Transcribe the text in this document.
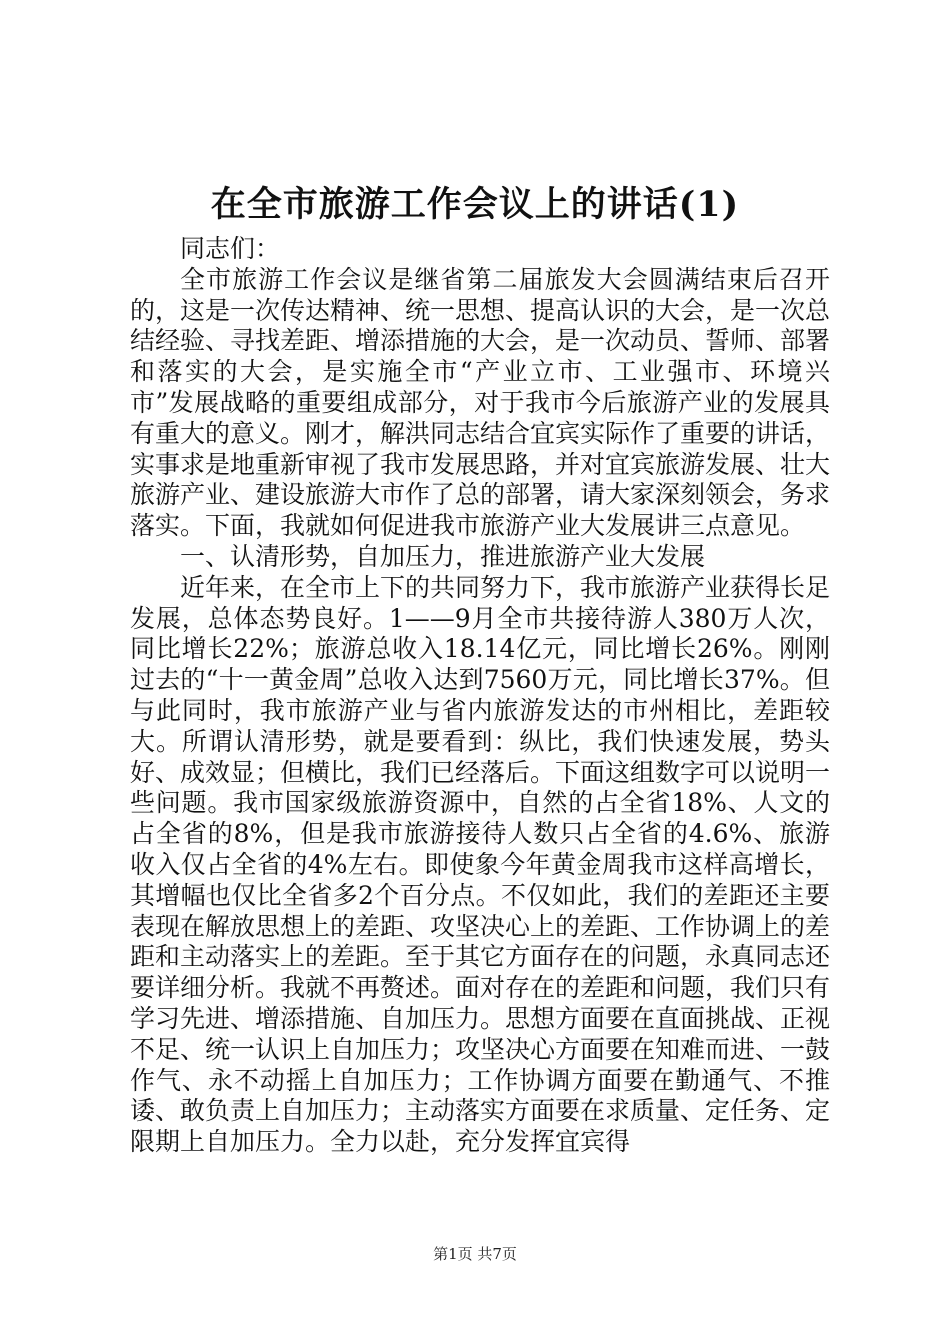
在全市旅游工作会议上的讲话(1)

同志们：

全市旅游工作会议是继省第二届旅发大会圆满结束后召开的，这是一次传达精神、统一思想、提高认识的大会，是一次总结经验、寻找差距、增添措施的大会，是一次动员、誓师、部署和落实的大会，是实施全市“产业立市、工业强市、环境兴市”发展战略的重要组成部分，对于我市今后旅游产业的发展具有重大的意义。刚才，解洪同志结合宜宾实际作了重要的讲话，实事求是地重新审视了我市发展思路，并对宜宾旅游发展、壮大旅游产业、建设旅游大市作了总的部署，请大家深刻领会，务求落实。下面，我就如何促进我市旅游产业大发展讲三点意见。

一、认清形势，自加压力，推进旅游产业大发展

近年来，在全市上下的共同努力下，我市旅游产业获得长足发展，总体态势良好。1——9月全市共接待游人380万人次，同比增长22%；旅游总收入18.14亿元，同比增长26%。刚刚过去的“十一黄金周”总收入达到7560万元，同比增长37%。但与此同时，我市旅游产业与省内旅游发达的市州相比，差距较大。所谓认清形势，就是要看到：纵比，我们快速发展，势头好、成效显；但横比，我们已经落后。下面这组数字可以说明一些问题。我市国家级旅游资源中，自然的占全省18%、人文的占全省的8%，但是我市旅游接待人数只占全省的4.6%、旅游收入仅占全省的4%左右。即使象今年黄金周我市这样高增长，其增幅也仅比全省多2个百分点。不仅如此，我们的差距还主要表现在解放思想上的差距、攻坚决心上的差距、工作协调上的差距和主动落实上的差距。至于其它方面存在的问题，永真同志还要详细分析。我就不再赘述。面对存在的差距和问题，我们只有学习先进、增添措施、自加压力。思想方面要在直面挑战、正视不足、统一认识上自加压力；攻坚决心方面要在知难而进、一鼓作气、永不动摇上自加压力；工作协调方面要在勤通气、不推诿、敢负责上自加压力；主动落实方面要在求质量、定任务、定限期上自加压力。全力以赴，充分发挥宜宾得

第1页 共7页
